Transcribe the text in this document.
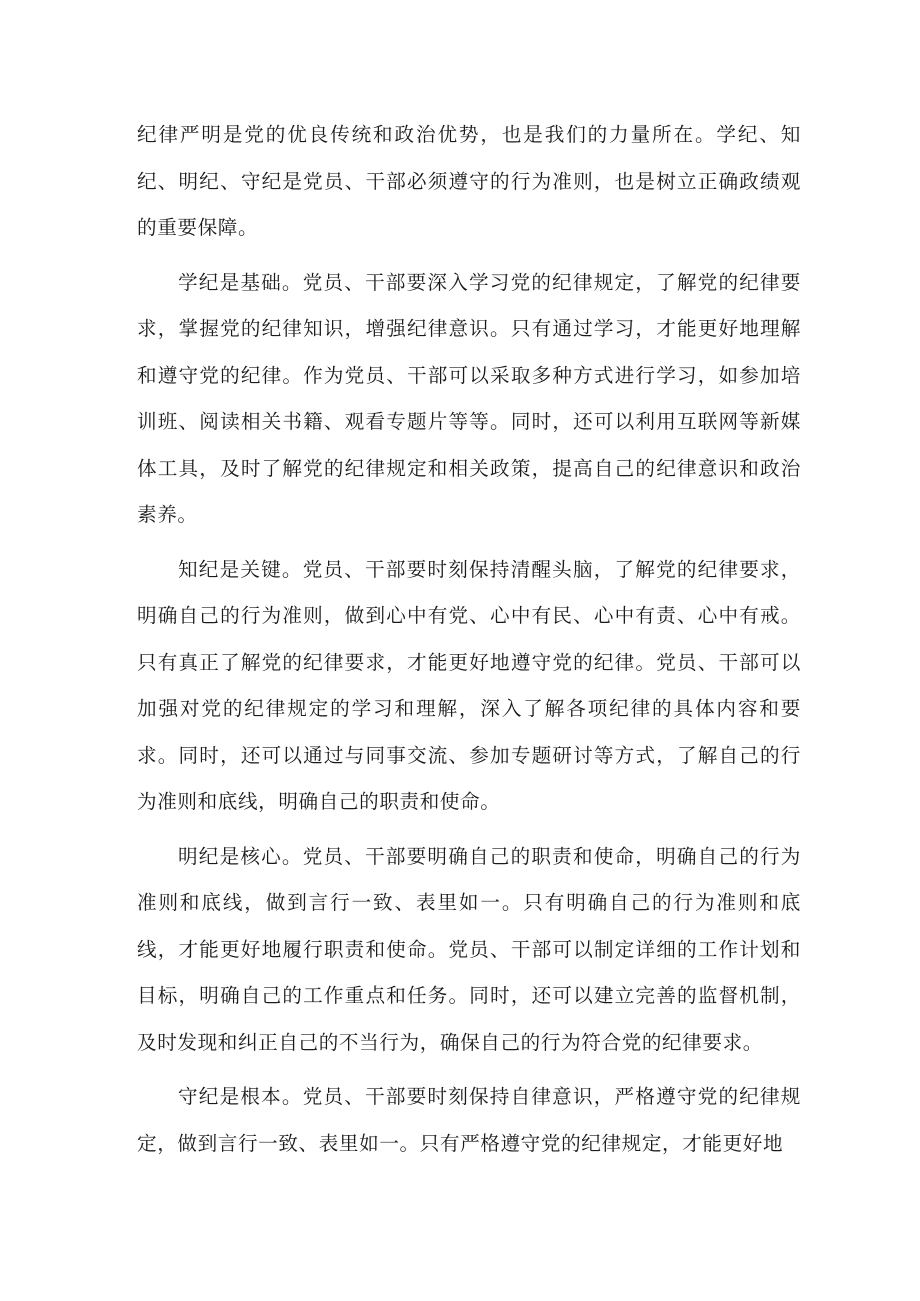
纪律严明是党的优良传统和政治优势，也是我们的力量所在。学纪、知纪、明纪、守纪是党员、干部必须遵守的行为准则，也是树立正确政绩观的重要保障。

学纪是基础。党员、干部要深入学习党的纪律规定，了解党的纪律要求，掌握党的纪律知识，增强纪律意识。只有通过学习，才能更好地理解和遵守党的纪律。作为党员、干部可以采取多种方式进行学习，如参加培训班、阅读相关书籍、观看专题片等等。同时，还可以利用互联网等新媒体工具，及时了解党的纪律规定和相关政策，提高自己的纪律意识和政治素养。

知纪是关键。党员、干部要时刻保持清醒头脑，了解党的纪律要求，明确自己的行为准则，做到心中有党、心中有民、心中有责、心中有戒。只有真正了解党的纪律要求，才能更好地遵守党的纪律。党员、干部可以加强对党的纪律规定的学习和理解，深入了解各项纪律的具体内容和要求。同时，还可以通过与同事交流、参加专题研讨等方式，了解自己的行为准则和底线，明确自己的职责和使命。

明纪是核心。党员、干部要明确自己的职责和使命，明确自己的行为准则和底线，做到言行一致、表里如一。只有明确自己的行为准则和底线，才能更好地履行职责和使命。党员、干部可以制定详细的工作计划和目标，明确自己的工作重点和任务。同时，还可以建立完善的监督机制，及时发现和纠正自己的不当行为，确保自己的行为符合党的纪律要求。

守纪是根本。党员、干部要时刻保持自律意识，严格遵守党的纪律规定，做到言行一致、表里如一。只有严格遵守党的纪律规定，才能更好地
